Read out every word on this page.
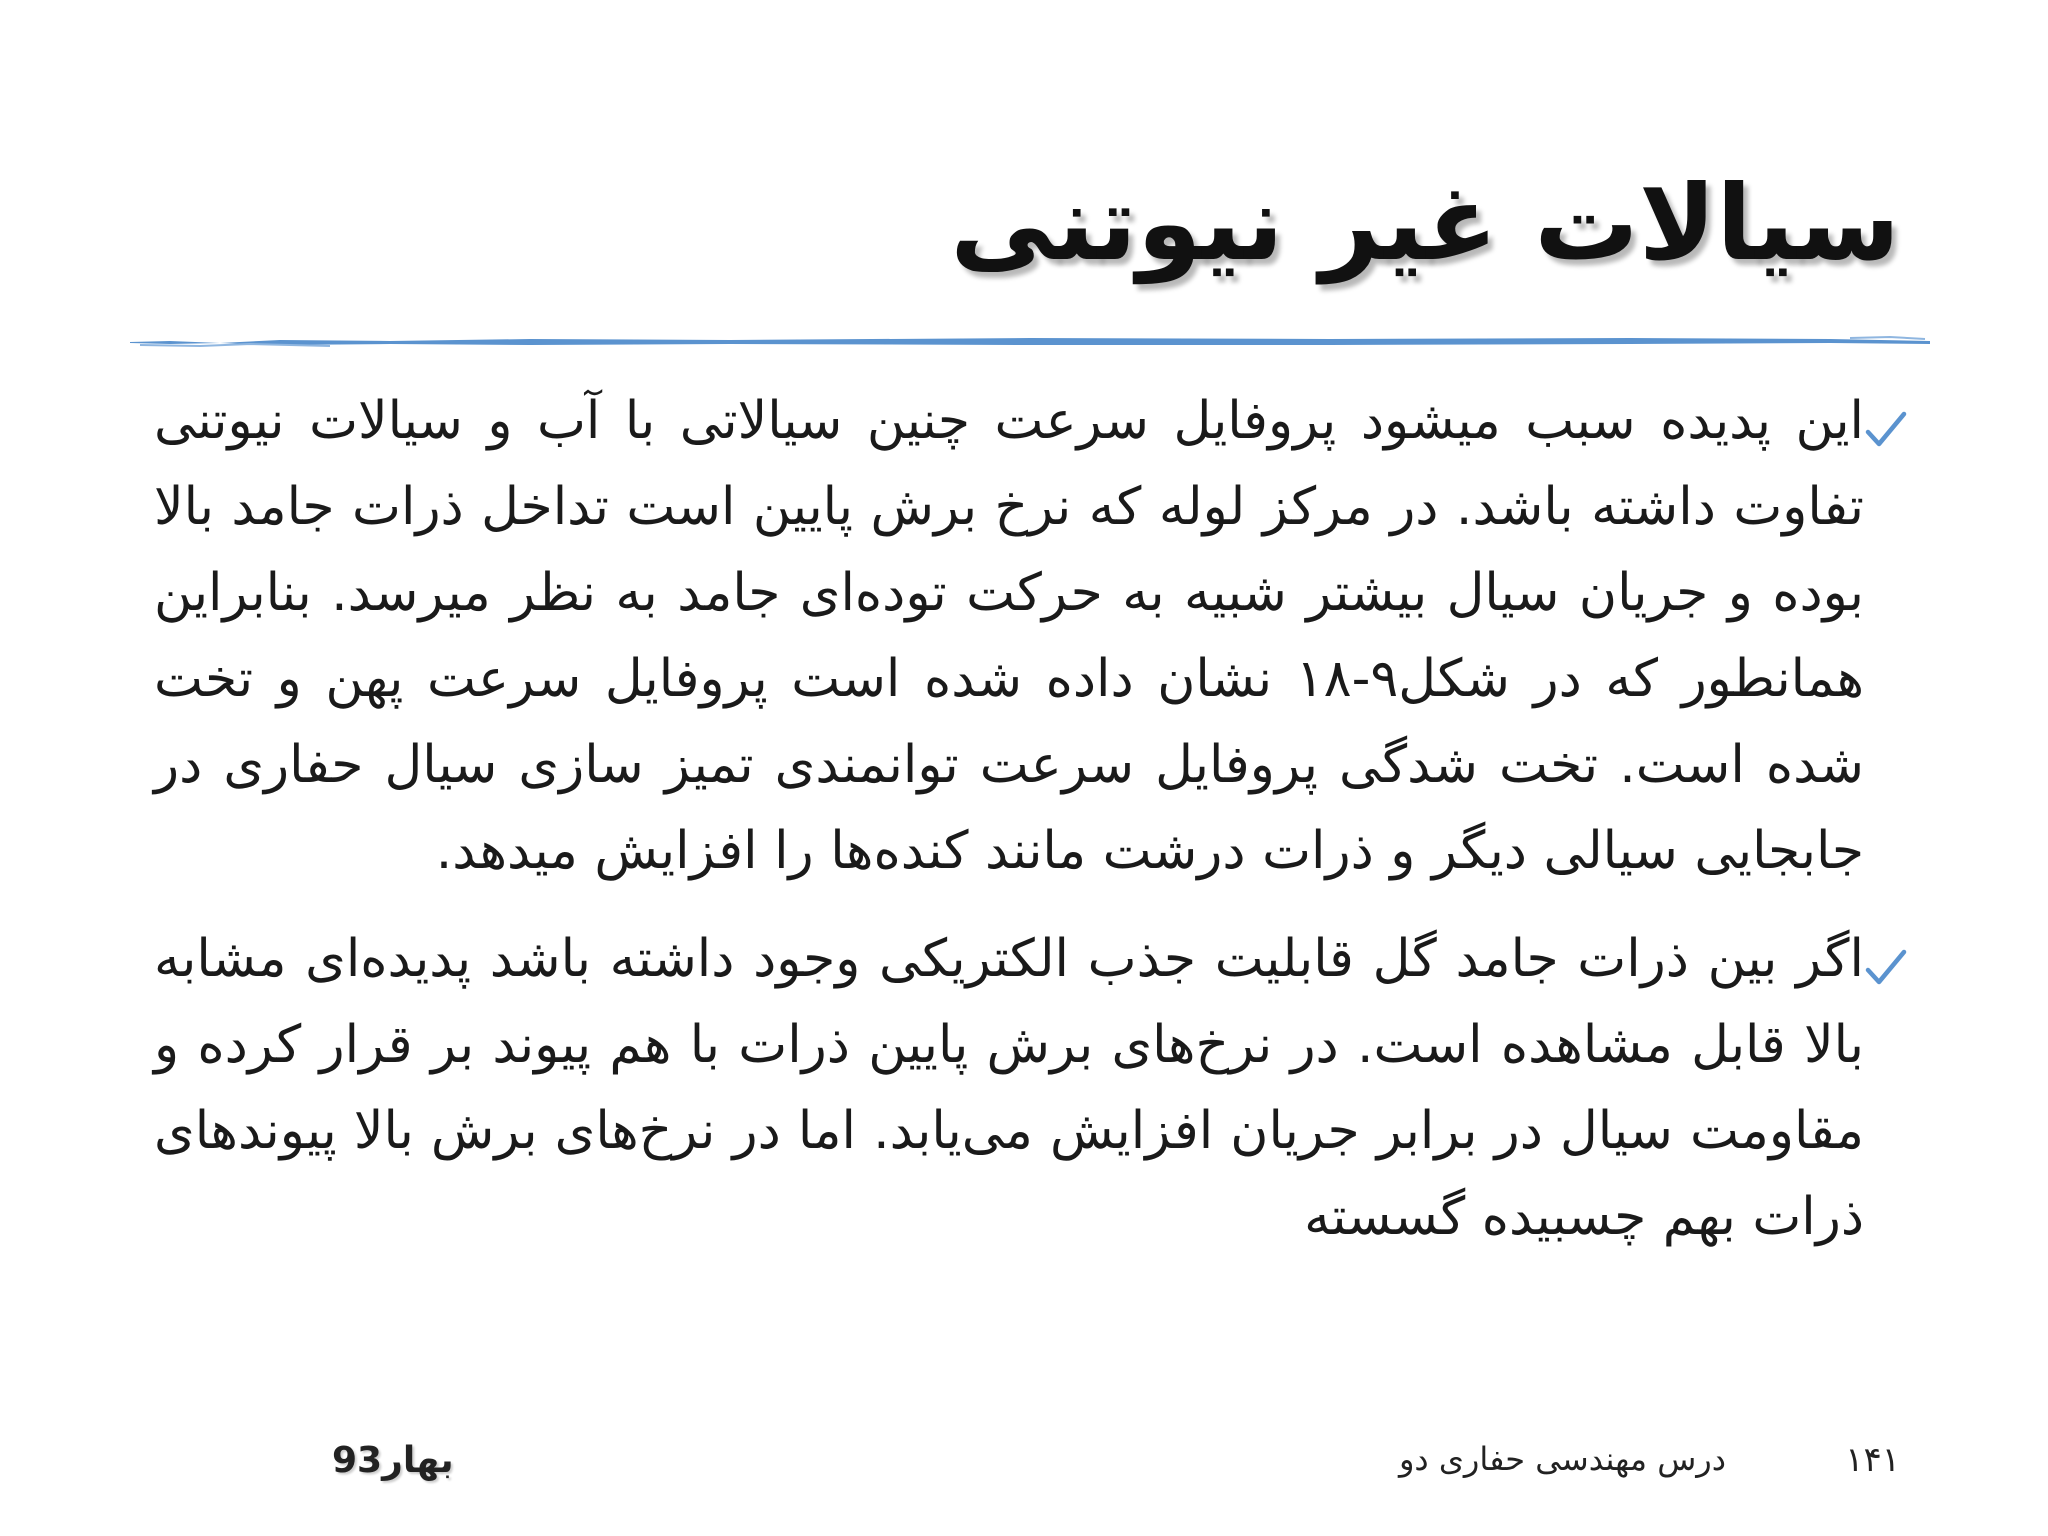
سیالات غیر نیوتنی

این پدیده سبب میشود پروفایل سرعت چنین سیالاتی با آب و سیالات نیوتنی تفاوت داشته باشد. در مرکز لوله که نرخ برش پایین است تداخل ذرات جامد بالا بوده و جریان سیال بیشتر شبیه به حرکت توده‌ای جامد به نظر میرسد. بنابراین همانطور که در شکل۹-۱۸ نشان داده شده است پروفایل سرعت پهن و تخت شده است. تخت شدگی پروفایل سرعت توانمندی تمیز سازی سیال حفاری در جابجایی سیالی دیگر و ذرات درشت مانند کنده‌ها را افزایش میدهد.

اگر بین ذرات جامد گل قابلیت جذب الکتریکی وجود داشته باشد پدیده‌ای مشابه بالا قابل مشاهده است. در نرخ‌های برش پایین ذرات با هم پیوند بر قرار کرده و مقاومت سیال در برابر جریان افزایش می‌یابد. اما در نرخ‌های برش بالا پیوندهای ذرات بهم چسبیده گسسته

۱۴۱
درس مهندسی حفاری دو
بهار93
